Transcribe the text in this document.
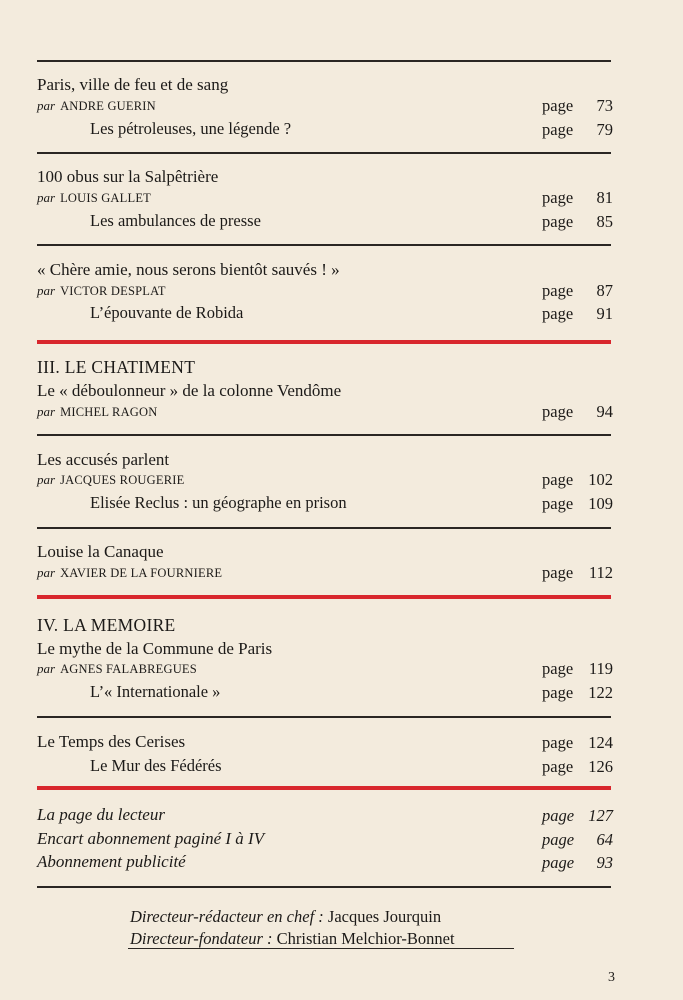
Paris, ville de feu et de sang
par ANDRE GUERIN	page	73
Les pétroleuses, une légende ?	page	79
100 obus sur la Salpêtrière
par LOUIS GALLET	page	81
Les ambulances de presse	page	85
« Chère amie, nous serons bientôt sauvés ! »
par VICTOR DESPLAT	page	87
L’épouvante de Robida	page	91
III. LE CHATIMENT
Le « déboulonneur » de la colonne Vendôme
par MICHEL RAGON	page	94
Les accusés parlent
par JACQUES ROUGERIE	page 102
Elisée Reclus : un géographe en prison	page 109
Louise la Canaque
par XAVIER DE LA FOURNIERE	page 112
IV. LA MEMOIRE
Le mythe de la Commune de Paris
par AGNES FALABREGUES	page 119
L’« Internationale »	page 122
Le Temps des Cerises	page 124
Le Mur des Fédérés	page 126
La page du lecteur	page 127
Encart abonnement paginé I à IV	page	64
Abonnement publicité	page	93
Directeur-rédacteur en chef : Jacques Jourquin
Directeur-fondateur : Christian Melchior-Bonnet
3
